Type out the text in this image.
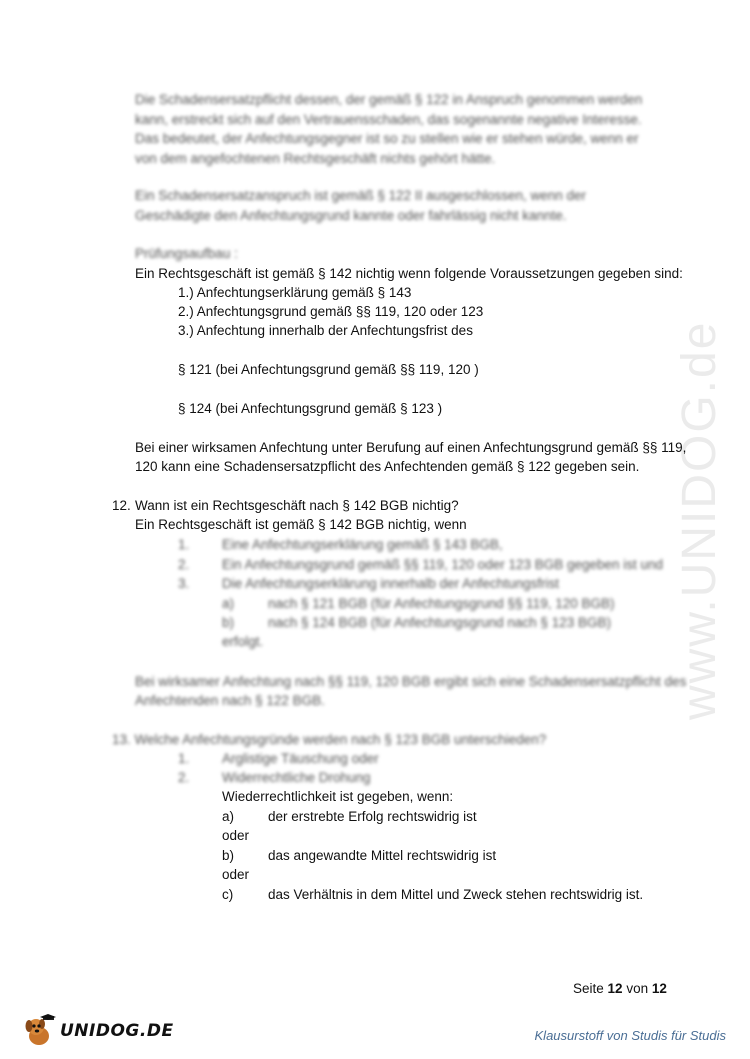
www.UNIDOG.de
Die Schadensersatzpflicht dessen, der gemäß § 122 in Anspruch genommen werden kann, erstreckt sich auf den Vertrauensschaden, das sogenannte negative Interesse. Das bedeutet, der Anfechtungsgegner ist so zu stellen wie er stehen würde, wenn er von dem angefochtenen Rechtsgeschäft nichts gehört hätte.
Ein Schadensersatzanspruch ist gemäß § 122 II ausgeschlossen, wenn der Geschädigte den Anfechtungsgrund kannte oder fahrlässig nicht kannte.
Prüfungsaufbau :
Ein Rechtsgeschäft ist gemäß § 142 nichtig wenn folgende Voraussetzungen gegeben sind:
1.) Anfechtungserklärung gemäß § 143
2.) Anfechtungsgrund gemäß §§ 119, 120 oder 123
3.) Anfechtung innerhalb der Anfechtungsfrist des
§ 121 (bei Anfechtungsgrund gemäß §§ 119, 120 )
§ 124 (bei Anfechtungsgrund gemäß § 123 )
Bei einer wirksamen Anfechtung unter Berufung auf einen Anfechtungsgrund gemäß §§ 119,
120 kann eine Schadensersatzpflicht des Anfechtenden gemäß § 122 gegeben sein.
12. Wann ist ein Rechtsgeschäft nach § 142 BGB nichtig?
Ein Rechtsgeschäft ist gemäß § 142 BGB nichtig, wenn
1. Eine Anfechtungserklärung gemäß § 143 BGB,
2. Ein Anfechtungsgrund gemäß §§ 119, 120 oder 123 BGB gegeben ist und
3. Die Anfechtungserklärung innerhalb der Anfechtungsfrist
a)	nach § 121 BGB (für Anfechtungsgrund §§ 119, 120 BGB)
b)	nach § 124 BGB (für Anfechtungsgrund nach § 123 BGB)
erfolgt.
Bei wirksamer Anfechtung nach §§ 119, 120 BGB ergibt sich eine Schadensersatzpflicht des
Anfechtenden nach § 122 BGB.
13. Welche Anfechtungsgründe werden nach § 123 BGB unterschieden?
1. Arglistige Täuschung oder
2. Widerrechtliche Drohung
Wiederrechtlichkeit ist gegeben, wenn:
a)	der erstrebte Erfolg rechtswidrig ist
oder
b)	das angewandte Mittel rechtswidrig ist
oder
c)	das Verhältnis in dem Mittel und Zweck stehen rechtswidrig ist.
Seite 12 von 12
UNIDOG.DE	Klausurstoff von Studis für Studis
